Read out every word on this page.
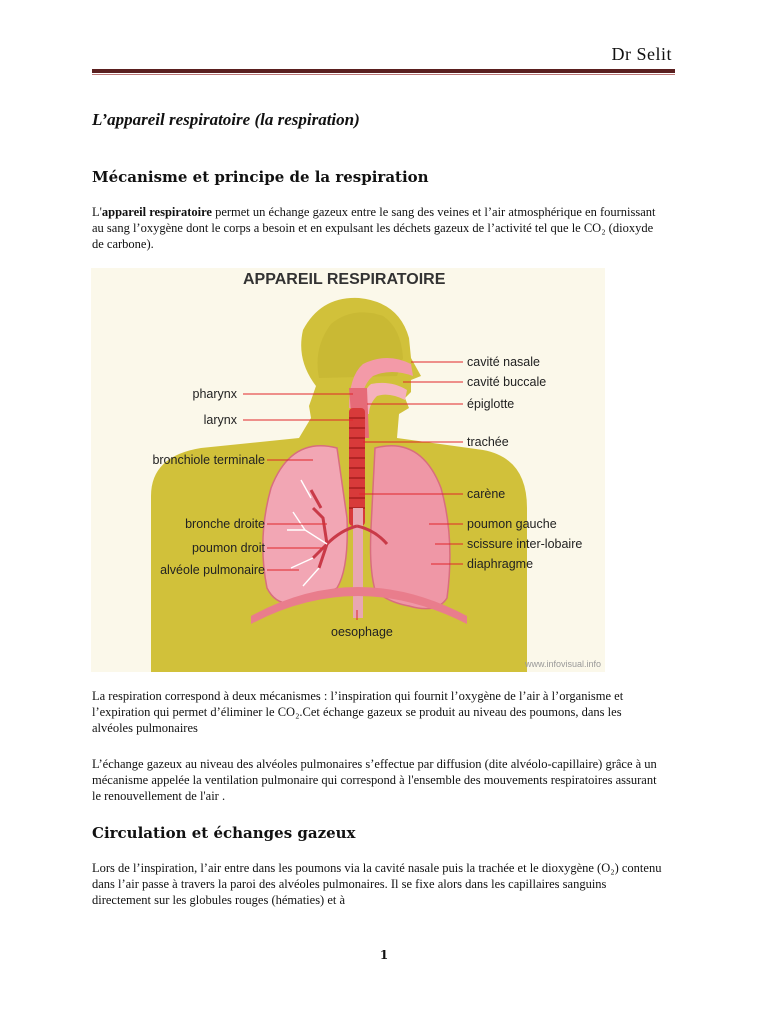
Dr Selit
L’appareil respiratoire (la respiration)
Mécanisme et principe de la respiration

L'appareil respiratoire permet un échange gazeux entre le sang des veines et l’air atmosphérique en fournissant au sang l’oxygène dont le corps a besoin et en expulsant les déchets gazeux de l’activité tel que le CO₂ (dioxyde de carbone).

APPAREIL RESPIRATOIRE
pharynx
larynx
bronchiole terminale
bronche droite
poumon droit
alvéole pulmonaire
cavité nasale
cavité buccale
épiglotte
trachée
carène
poumon gauche
scissure inter-lobaire
diaphragme
oesophage
www.infovisual.info
La respiration correspond à deux mécanismes : l’inspiration qui fournit l’oxygène de l’air à l’organisme et l’expiration qui permet d’éliminer le CO₂.Cet échange gazeux se produit au niveau des poumons, dans les alvéoles pulmonaires
L’échange gazeux au niveau des alvéoles pulmonaires s’effectue par diffusion (dite alvéolo-capillaire) grâce à un mécanisme appelée la ventilation pulmonaire qui correspond à l'ensemble des mouvements respiratoires assurant le renouvellement de l'air .
Circulation et échanges gazeux
Lors de l’inspiration, l’air entre dans les poumons via la cavité nasale puis la trachée et le dioxygène (O₂) contenu dans l’air passe à travers la paroi des alvéoles pulmonaires. Il se fixe alors dans les capillaires sanguins directement sur les globules rouges (hématies) et à
1
